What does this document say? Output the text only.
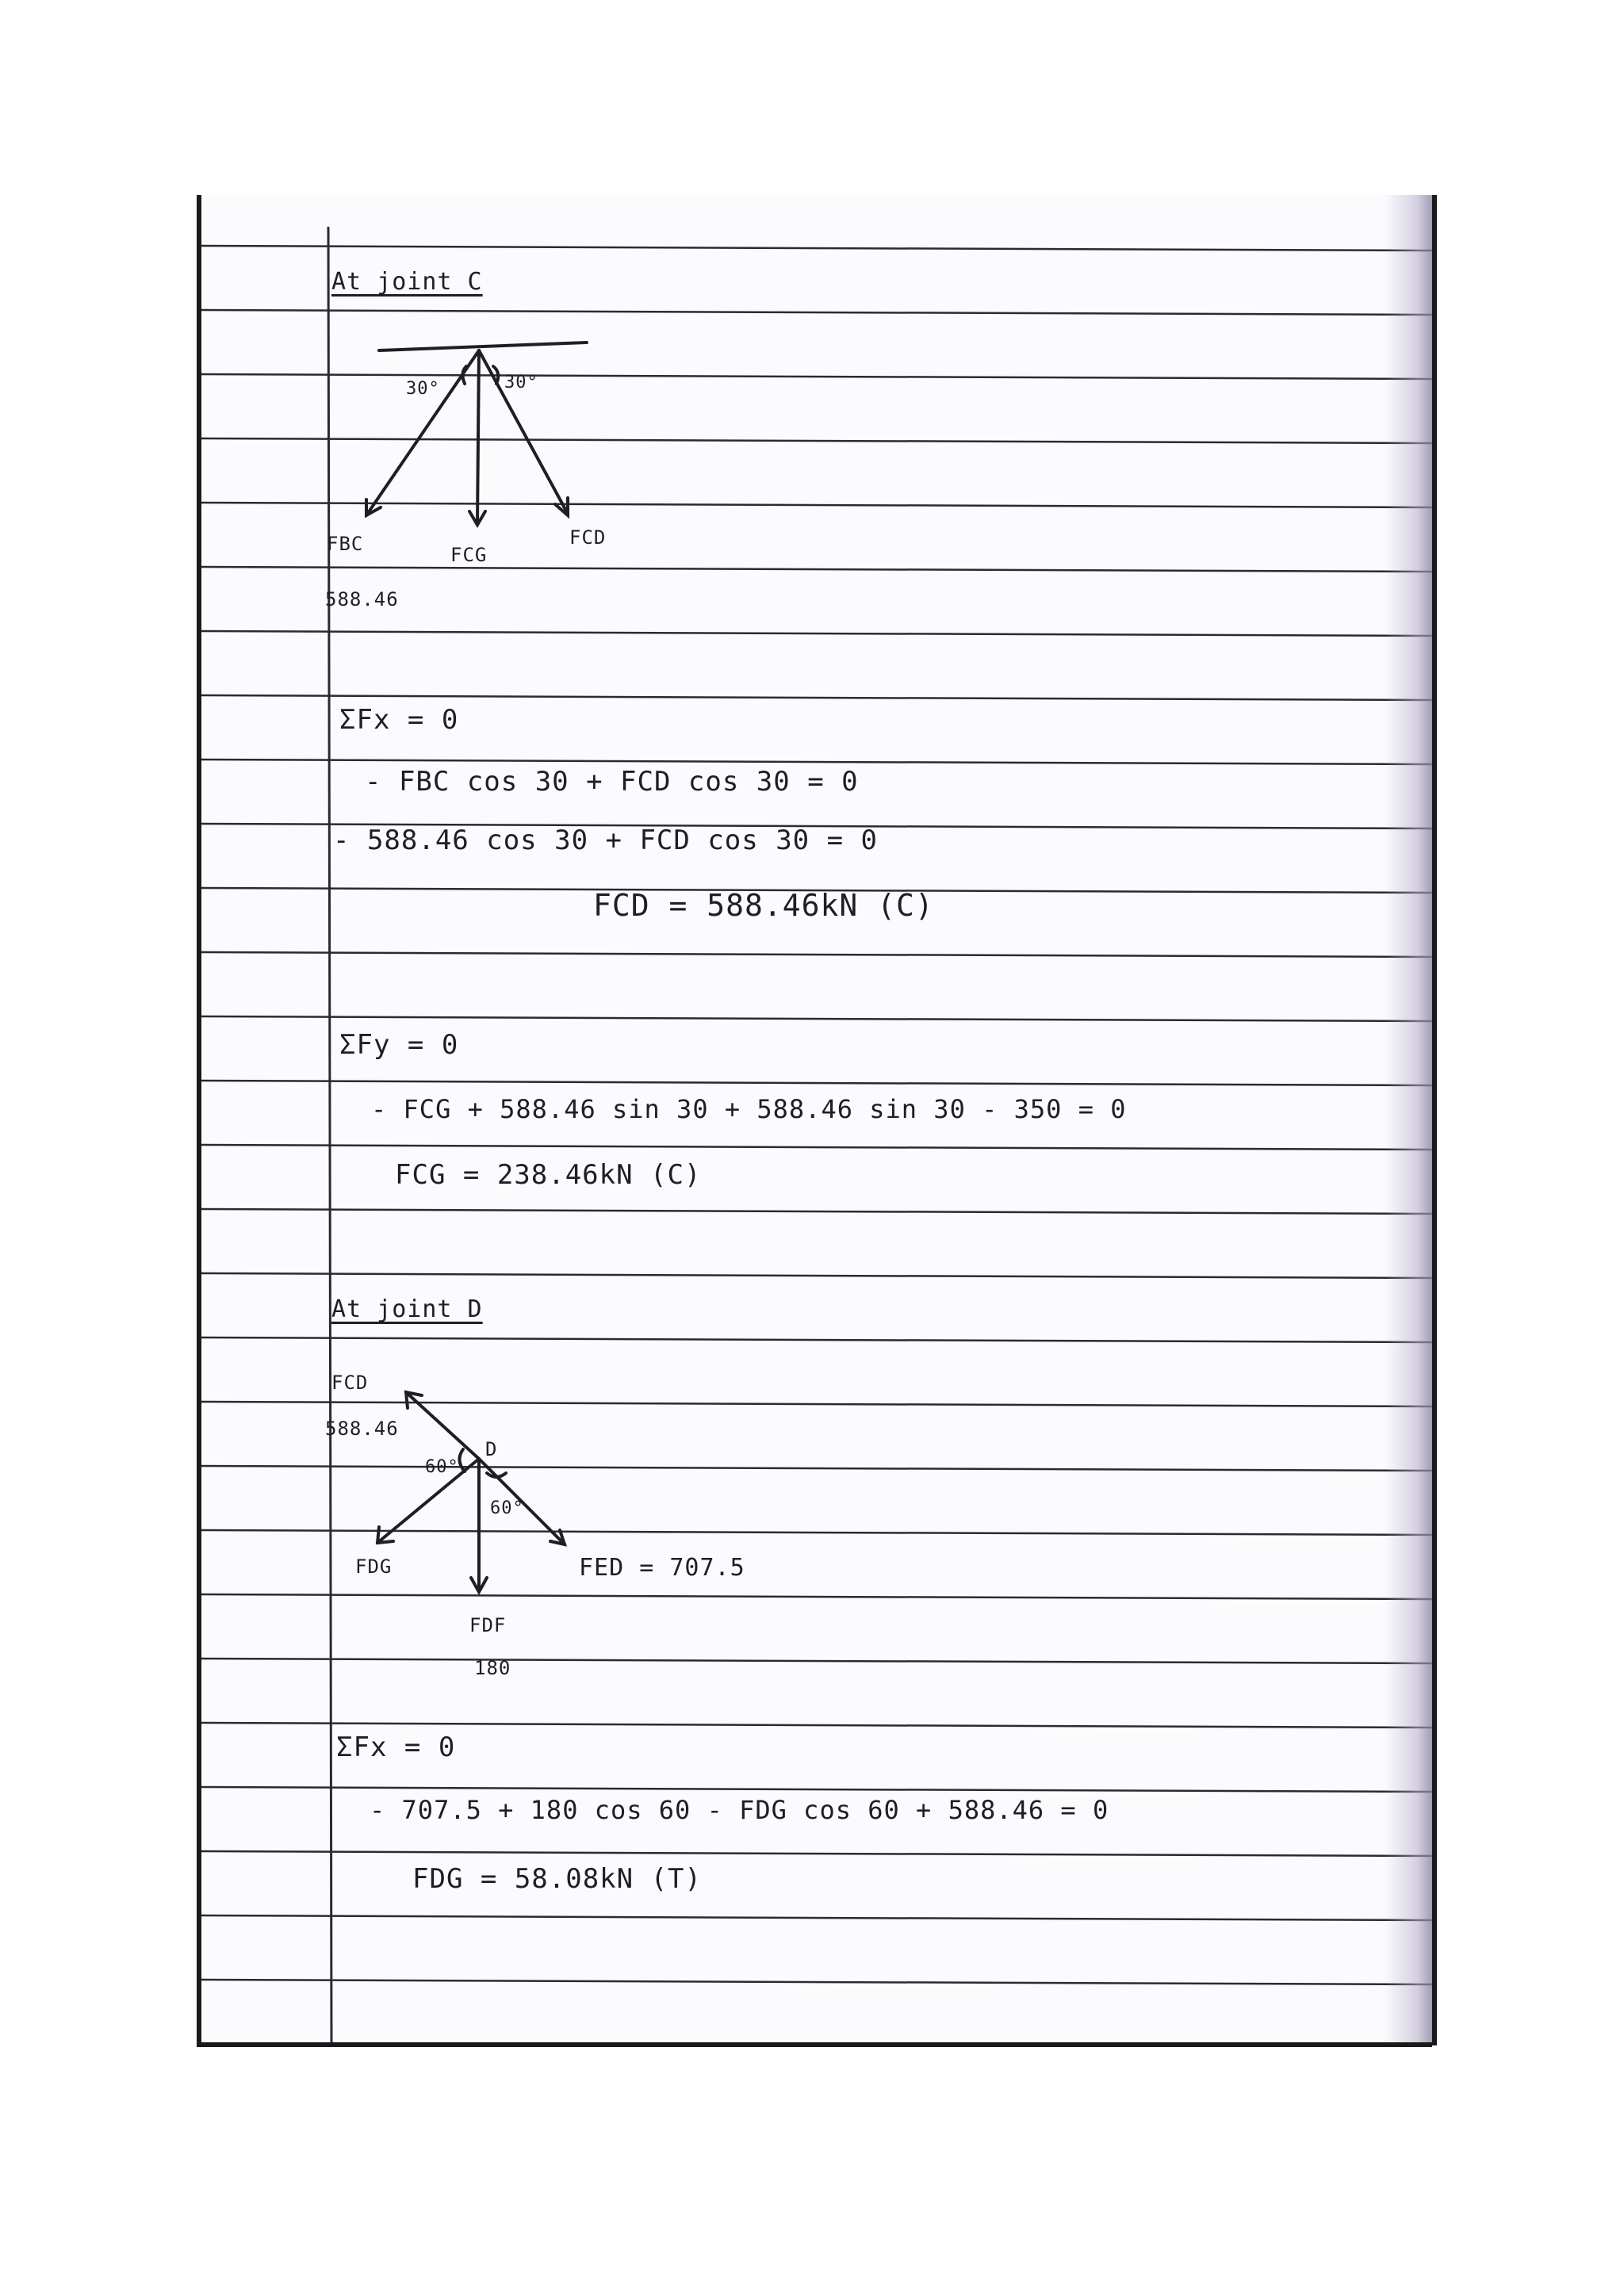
At joint C
30°	30°
FBC
588.46
FCG
FCD
ΣFx = 0
- FBC cos 30 + FCD cos 30 = 0
- 588.46 cos 30 + FCD cos 30 = 0
FCD = 588.46kN (C)
ΣFy = 0
- FCG + 588.46 sin 30 + 588.46 sin 30 - 350 = 0
FCG = 238.46kN (C)
At joint D
FCD
588.46
D
60°
60°
FDG	FED = 707.5
FDF
180
ΣFx = 0
- 707.5 + 180 cos 60 - FDG cos 60 + 588.46 = 0
FDG = 58.08kN (T)
